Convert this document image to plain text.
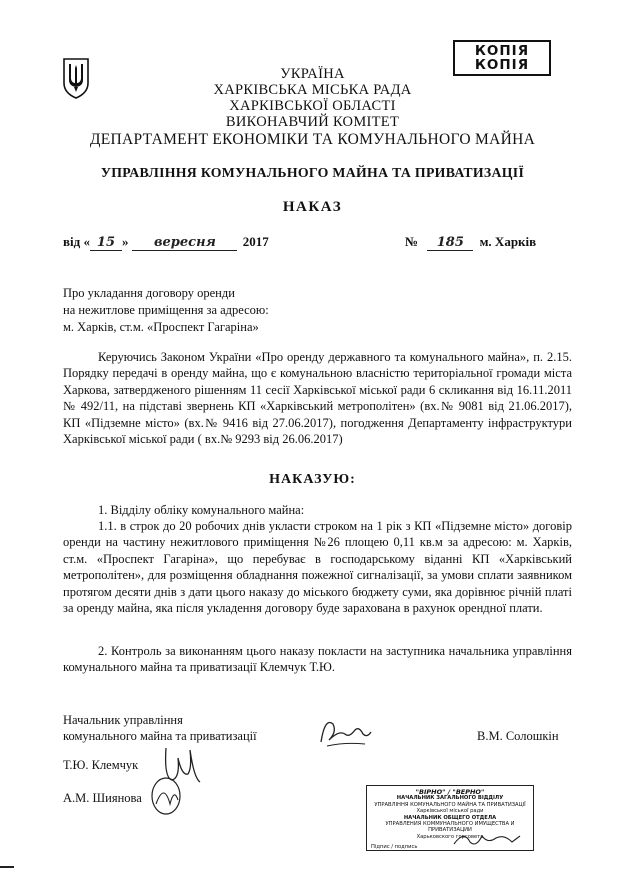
КОПІЯ
КОПІЯ
УКРАЇНА
ХАРКІВСЬКА МІСЬКА РАДА
ХАРКІВСЬКОЇ ОБЛАСТІ
ВИКОНАВЧИЙ КОМІТЕТ
ДЕПАРТАМЕНТ ЕКОНОМІКИ ТА КОМУНАЛЬНОГО МАЙНА
УПРАВЛІННЯ КОМУНАЛЬНОГО МАЙНА ТА ПРИВАТИЗАЦІЇ
НАКАЗ
від « 15 » вересня 2017	№ 185 м. Харків
Про укладання договору оренди
на нежитлове приміщення за адресою:
м. Харків, ст.м. «Проспект Гагаріна»
Керуючись Законом України «Про оренду державного та комунального майна», п. 2.15. Порядку передачі в оренду майна, що є комунальною власністю територіальної громади міста Харкова, затвердженого рішенням 11 сесії Харківської міської ради 6 скликання від 16.11.2011 № 492/11, на підставі звернень КП «Харківський метрополітен» (вх.№ 9081 від 21.06.2017), КП «Підземне місто» (вх.№ 9416 від 27.06.2017), погодження Департаменту інфраструктури Харківської міської ради ( вх.№ 9293 від 26.06.2017)
НАКАЗУЮ:
1. Відділу обліку комунального майна:
1.1. в строк до 20 робочих днів укласти строком на 1 рік з КП «Підземне місто» договір оренди на частину нежитлового приміщення №26 площею 0,11 кв.м за адресою: м. Харків, ст.м. «Проспект Гагаріна», що перебуває в господарському віданні КП «Харківський метрополітен», для розміщення обладнання пожежної сигналізації, за умови сплати заявником протягом десяти днів з дати цього наказу до міського бюджету суми, яка дорівнює річній платі за оренду майна, яка після укладення договору буде зарахована в рахунок орендної плати.
2. Контроль за виконанням цього наказу покласти на заступника начальника управління комунального майна та приватизації Клемчук Т.Ю.
Начальник управління
комунального майна та приватизації	В.М. Солошкін
Т.Ю. Клемчук
А.М. Шиянова	"ВІРНО" / "ВЕРНО"
НАЧАЛЬНИК ЗАГАЛЬНОГО ВІДДІЛУ
УПРАВЛІННЯ КОМУНАЛЬНОГО МАЙНА ТА ПРИВАТИЗАЦІЇ
Харківської міської ради
НАЧАЛЬНИК ОБЩЕГО ОТДЕЛА
УПРАВЛЕНИЯ КОММУНАЛЬНОГО ИМУЩЕСТВА И ПРИВАТИЗАЦИИ
Харьковского горсовета
Підпис / подпись
